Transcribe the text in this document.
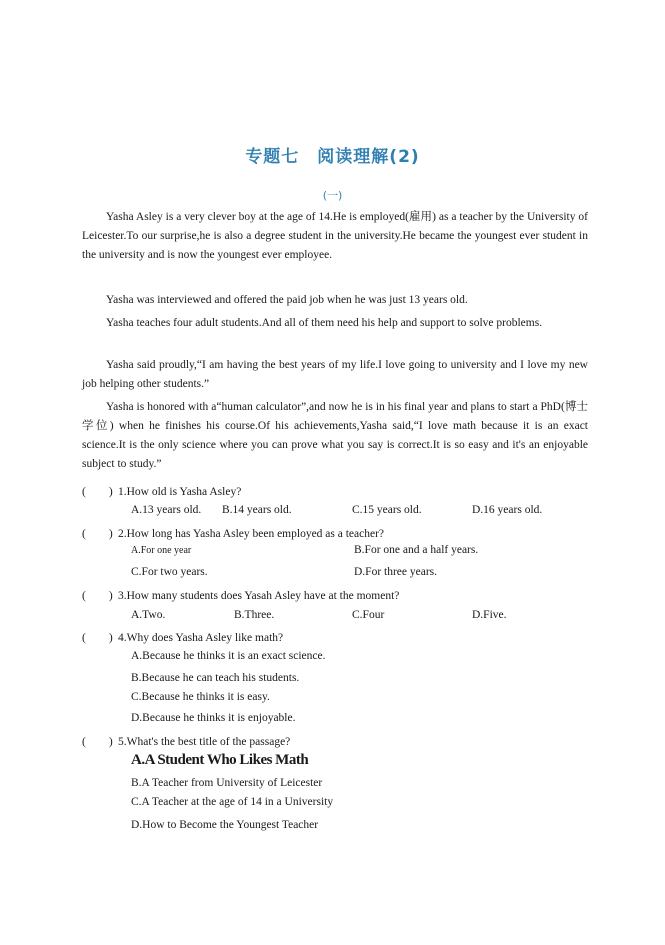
专题七　阅读理解(2)
(一)
Yasha Asley is a very clever boy at the age of 14.He is employed(雇用) as a teacher by the University of Leicester.To our surprise,he is also a degree student in the university.He became the youngest ever student in the university and is now the youngest ever employee.
Yasha was interviewed and offered the paid job when he was just 13 years old.
Yasha teaches four adult students.And all of them need his help and support to solve problems.
Yasha said proudly,“I am having the best years of my life.I love going to university and I love my new job helping other students.”
Yasha is honored with a“human calculator”,and now he is in his final year and plans to start a PhD(博士学位) when he finishes his course.Of his achievements,Yasha said,“I love math because it is an exact science.It is the only science where you can prove what you say is correct.It is so easy and it's an enjoyable subject to study.”
(　　) 1.How old is Yasha Asley?
A.13 years old. B.14 years old.	C.15 years old.	D.16 years old.
(　　) 2.How long has Yasha Asley been employed as a teacher?
A.For one year	B.For one and a half years.
C.For two years.	D.For three years.
(　　) 3.How many students does Yasah Asley have at the moment?
A.Two.	B.Three.	C.Four	D.Five.
(　　) 4.Why does Yasha Asley like math?
A.Because he thinks it is an exact science.
B.Because he can teach his students.
C.Because he thinks it is easy.
D.Because he thinks it is enjoyable.
(　　) 5.What's the best title of the passage?
A.A Student Who Likes Math
B.A Teacher from University of Leicester
C.A Teacher at the age of 14 in a University
D.How to Become the Youngest Teacher
